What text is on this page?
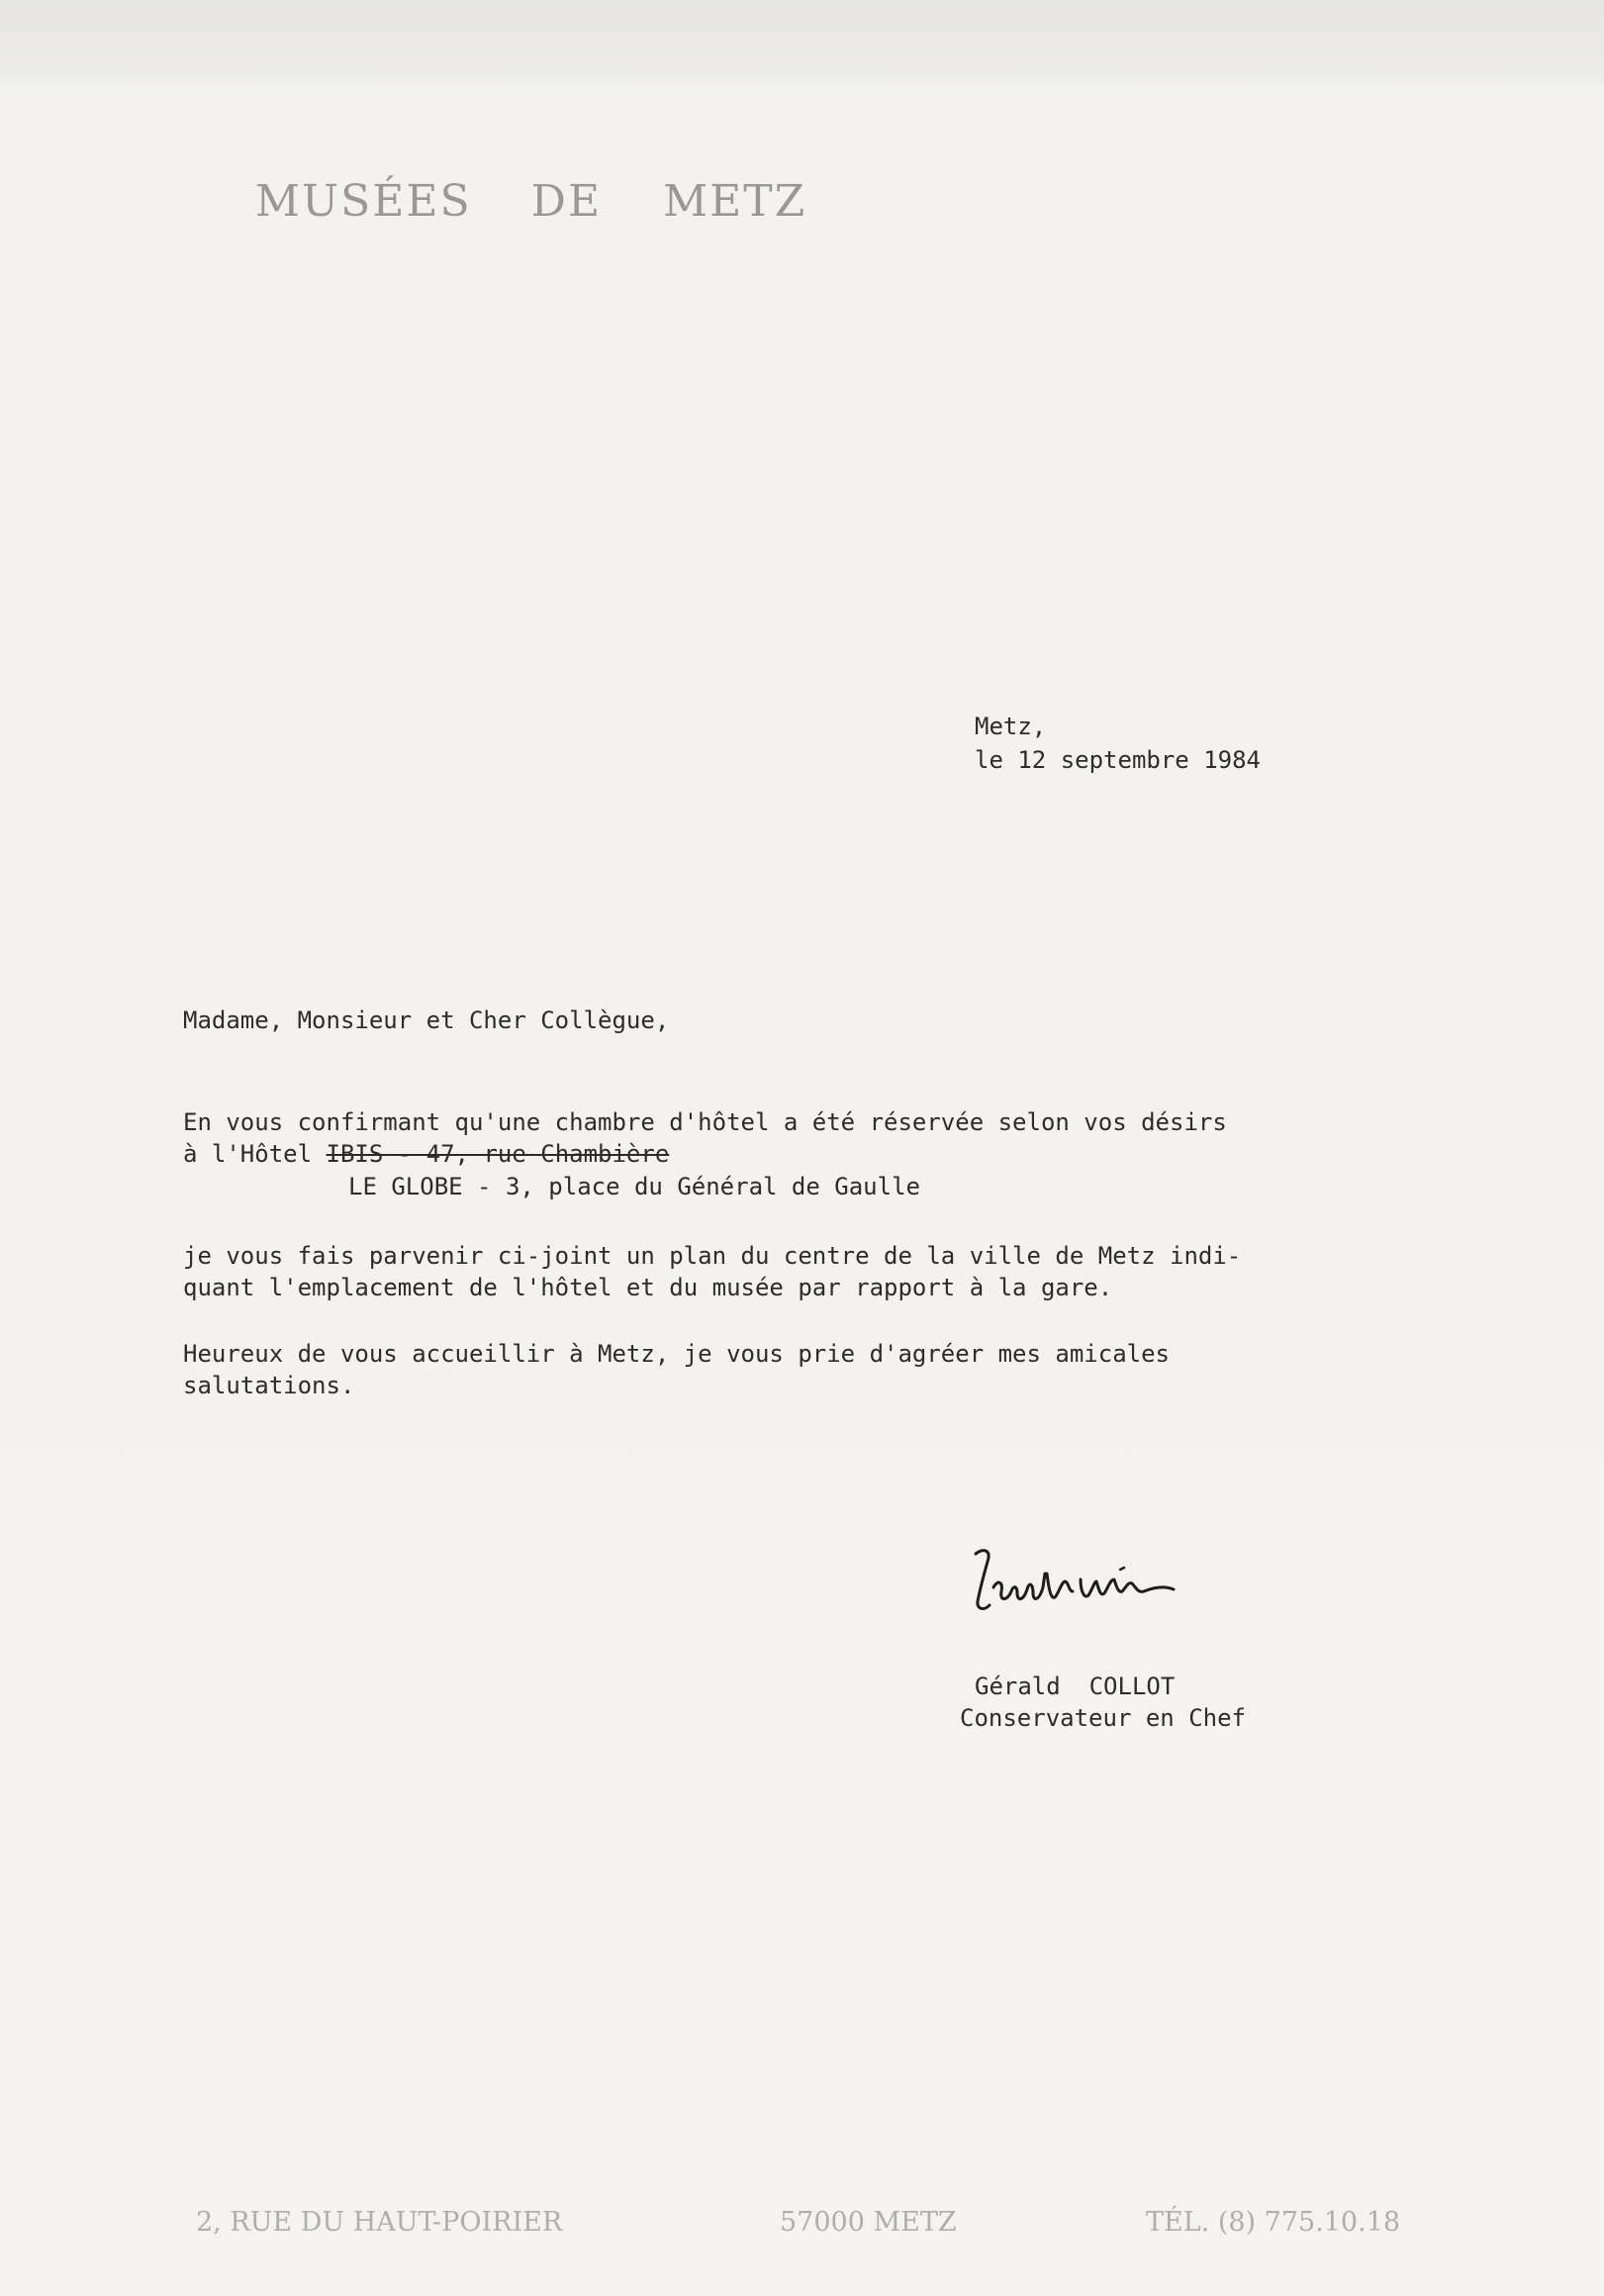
MUSÉES DE METZ
Metz,
le 12 septembre 1984
Madame, Monsieur et Cher Collègue,
En vous confirmant qu'une chambre d'hôtel a été réservée selon vos désirs
à l'Hôtel IBIS - 47, rue Chambière
LE GLOBE - 3, place du Général de Gaulle
je vous fais parvenir ci-joint un plan du centre de la ville de Metz indi-
quant l'emplacement de l'hôtel et du musée par rapport à la gare.
Heureux de vous accueillir à Metz, je vous prie d'agréer mes amicales
salutations.
Gérald  COLLOT
Conservateur en Chef
2, RUE DU HAUT-POIRIER	57000 METZ	TÉL. (8) 775.10.18
